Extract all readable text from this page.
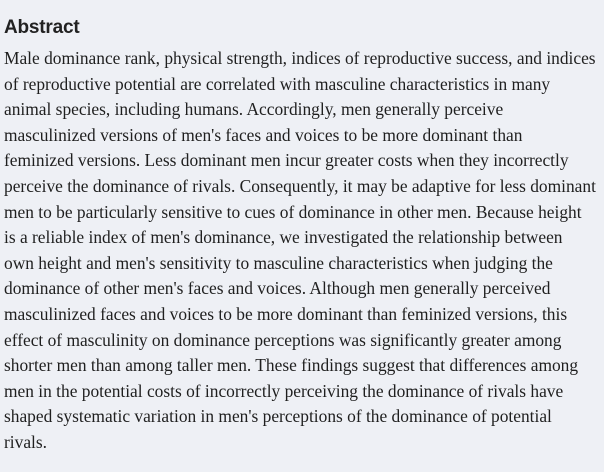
Abstract

Male dominance rank, physical strength, indices of reproductive success, and indices of reproductive potential are correlated with masculine characteristics in many animal species, including humans. Accordingly, men generally perceive masculinized versions of men's faces and voices to be more dominant than feminized versions. Less dominant men incur greater costs when they incorrectly perceive the dominance of rivals. Consequently, it may be adaptive for less dominant men to be particularly sensitive to cues of dominance in other men. Because height is a reliable index of men's dominance, we investigated the relationship between own height and men's sensitivity to masculine characteristics when judging the dominance of other men's faces and voices. Although men generally perceived masculinized faces and voices to be more dominant than feminized versions, this effect of masculinity on dominance perceptions was significantly greater among shorter men than among taller men. These findings suggest that differences among men in the potential costs of incorrectly perceiving the dominance of rivals have shaped systematic variation in men's perceptions of the dominance of potential rivals.
